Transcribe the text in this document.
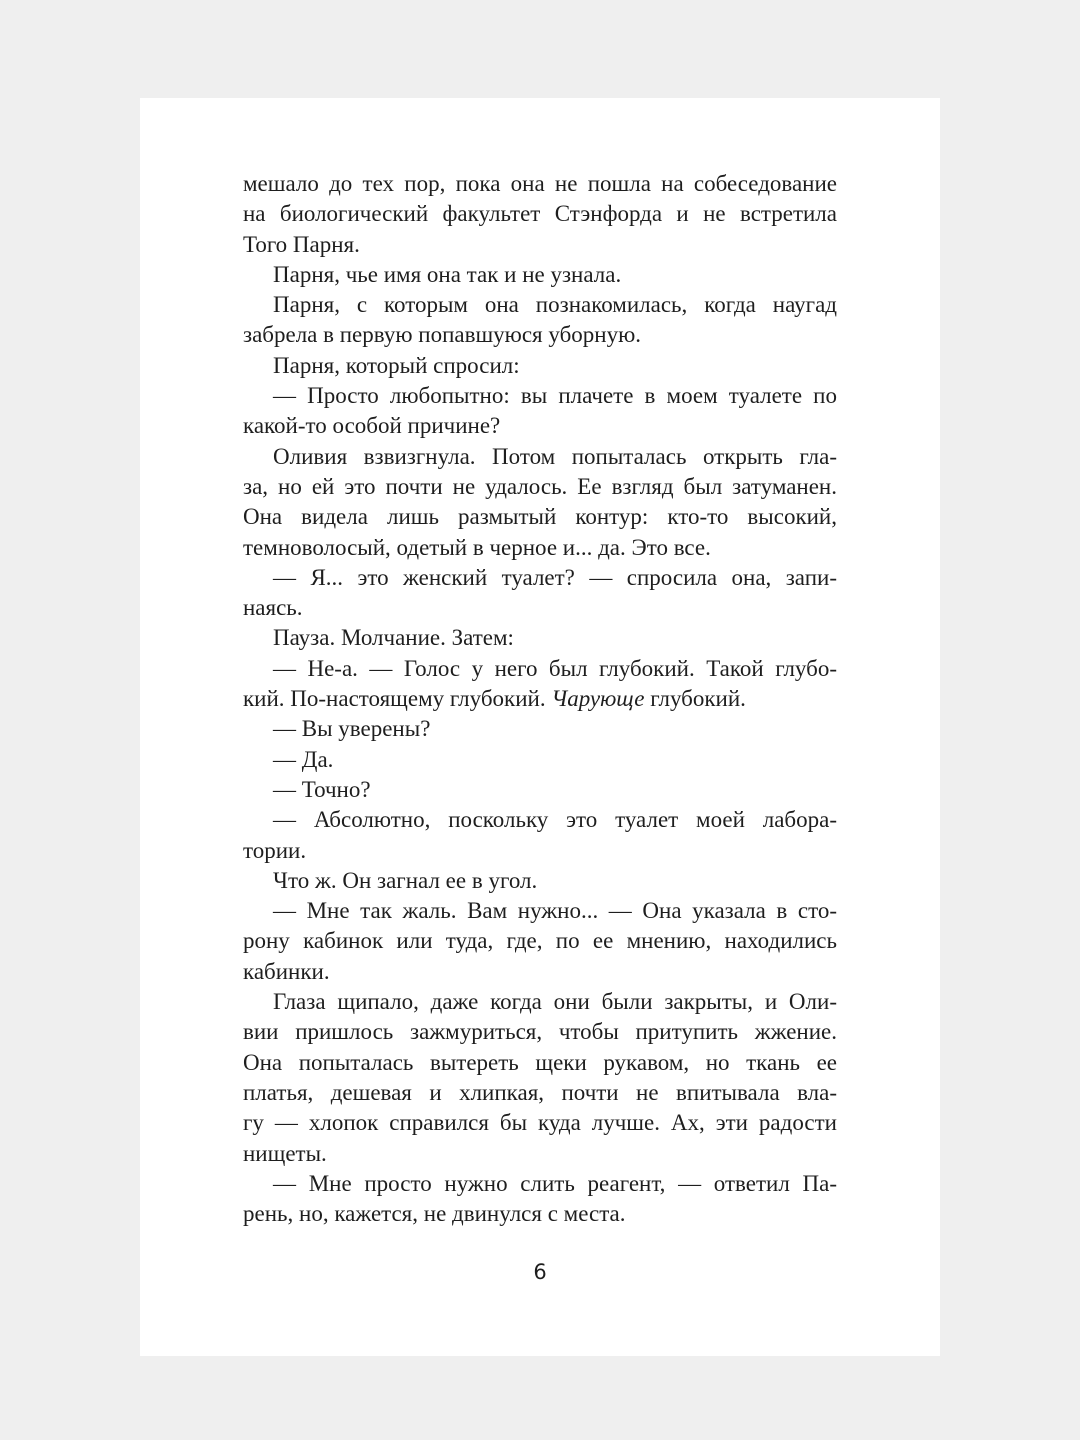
мешало до тех пор, пока она не пошла на собеседование
на биологический факультет Стэнфорда и не встретила
Того Парня.
Парня, чье имя она так и не узнала.
Парня, с которым она познакомилась, когда наугад
забрела в первую попавшуюся уборную.
Парня, который спросил:
— Просто любопытно: вы плачете в моем туалете по
какой-то особой причине?
Оливия взвизгнула. Потом попыталась открыть гла-
за, но ей это почти не удалось. Ее взгляд был затуманен.
Она видела лишь размытый контур: кто-то высокий,
темноволосый, одетый в черное и... да. Это все.
— Я... это женский туалет? — спросила она, запи-
наясь.
Пауза. Молчание. Затем:
— Не-а. — Голос у него был глубокий. Такой глубо-
кий. По-настоящему глубокий. Чарующе глубокий.
— Вы уверены?
— Да.
— Точно?
— Абсолютно, поскольку это туалет моей лабора-
тории.
Что ж. Он загнал ее в угол.
— Мне так жаль. Вам нужно... — Она указала в сто-
рону кабинок или туда, где, по ее мнению, находились
кабинки.
Глаза щипало, даже когда они были закрыты, и Оли-
вии пришлось зажмуриться, чтобы притупить жжение.
Она попыталась вытереть щеки рукавом, но ткань ее
платья, дешевая и хлипкая, почти не впитывала вла-
гу — хлопок справился бы куда лучше. Ах, эти радости
нищеты.
— Мне просто нужно слить реагент, — ответил Па-
рень, но, кажется, не двинулся с места.
6
